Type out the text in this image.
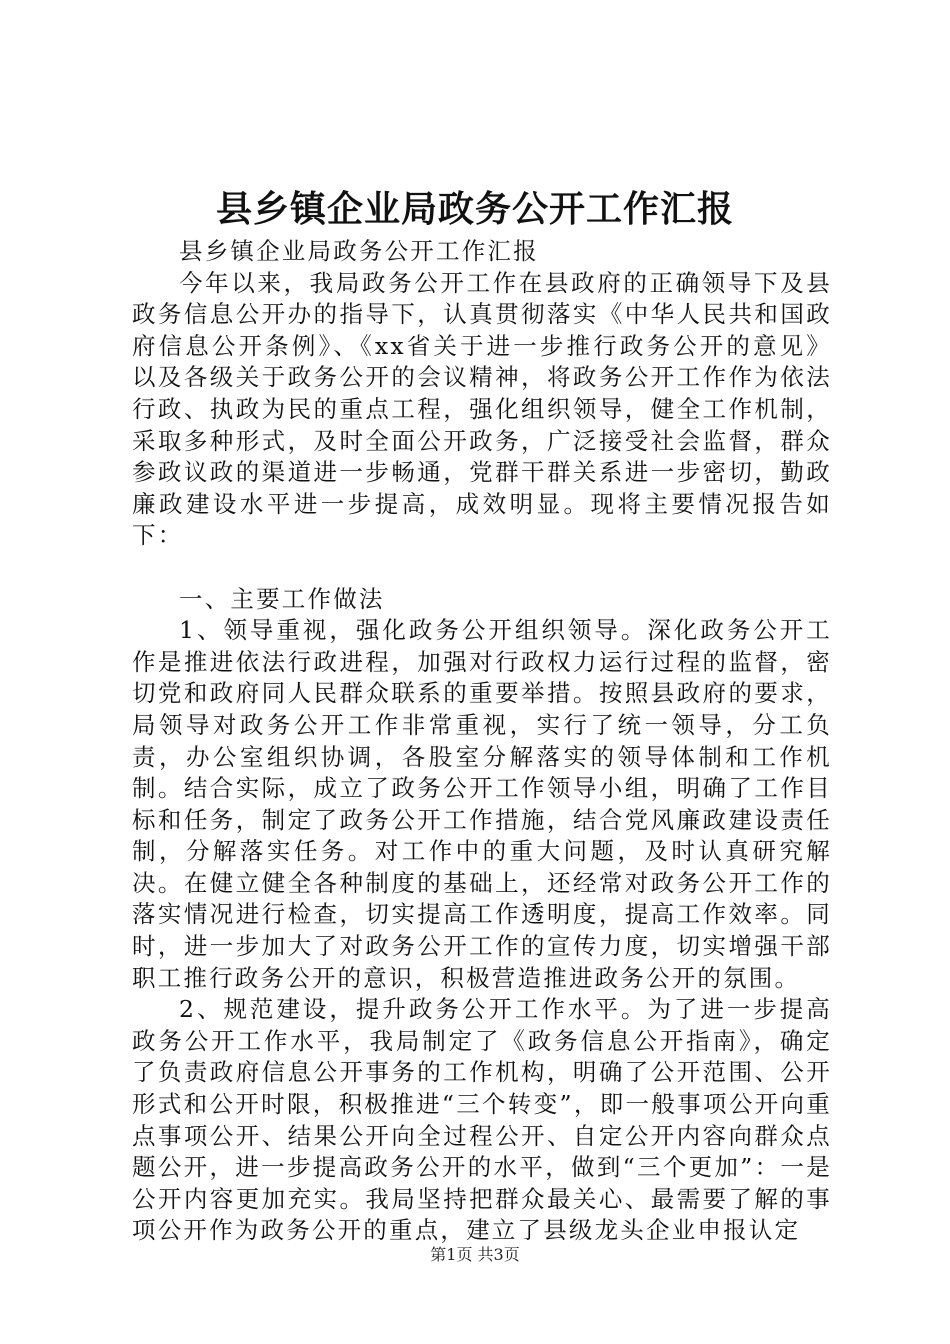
县乡镇企业局政务公开工作汇报

县乡镇企业局政务公开工作汇报

今年以来，我局政务公开工作在县政府的正确领导下及县政务信息公开办的指导下，认真贯彻落实《中华人民共和国政府信息公开条例》、《xx省关于进一步推行政务公开的意见》以及各级关于政务公开的会议精神，将政务公开工作作为依法行政、执政为民的重点工程，强化组织领导，健全工作机制，采取多种形式，及时全面公开政务，广泛接受社会监督，群众参政议政的渠道进一步畅通，党群干群关系进一步密切，勤政廉政建设水平进一步提高，成效明显。现将主要情况报告如下：

一、主要工作做法

1、领导重视，强化政务公开组织领导。深化政务公开工作是推进依法行政进程，加强对行政权力运行过程的监督，密切党和政府同人民群众联系的重要举措。按照县政府的要求，局领导对政务公开工作非常重视，实行了统一领导，分工负责，办公室组织协调，各股室分解落实的领导体制和工作机制。结合实际，成立了政务公开工作领导小组，明确了工作目标和任务，制定了政务公开工作措施，结合党风廉政建设责任制，分解落实任务。对工作中的重大问题，及时认真研究解决。在健立健全各种制度的基础上，还经常对政务公开工作的落实情况进行检查，切实提高工作透明度，提高工作效率。同时，进一步加大了对政务公开工作的宣传力度，切实增强干部职工推行政务公开的意识，积极营造推进政务公开的氛围。

2、规范建设，提升政务公开工作水平。为了进一步提高政务公开工作水平，我局制定了《政务信息公开指南》，确定了负责政府信息公开事务的工作机构，明确了公开范围、公开形式和公开时限，积极推进“三个转变”，即一般事项公开向重点事项公开、结果公开向全过程公开、自定公开内容向群众点题公开，进一步提高政务公开的水平，做到“三个更加”：一是公开内容更加充实。我局坚持把群众最关心、最需要了解的事项公开作为政务公开的重点，建立了县级龙头企业申报认定

第1页 共3页
